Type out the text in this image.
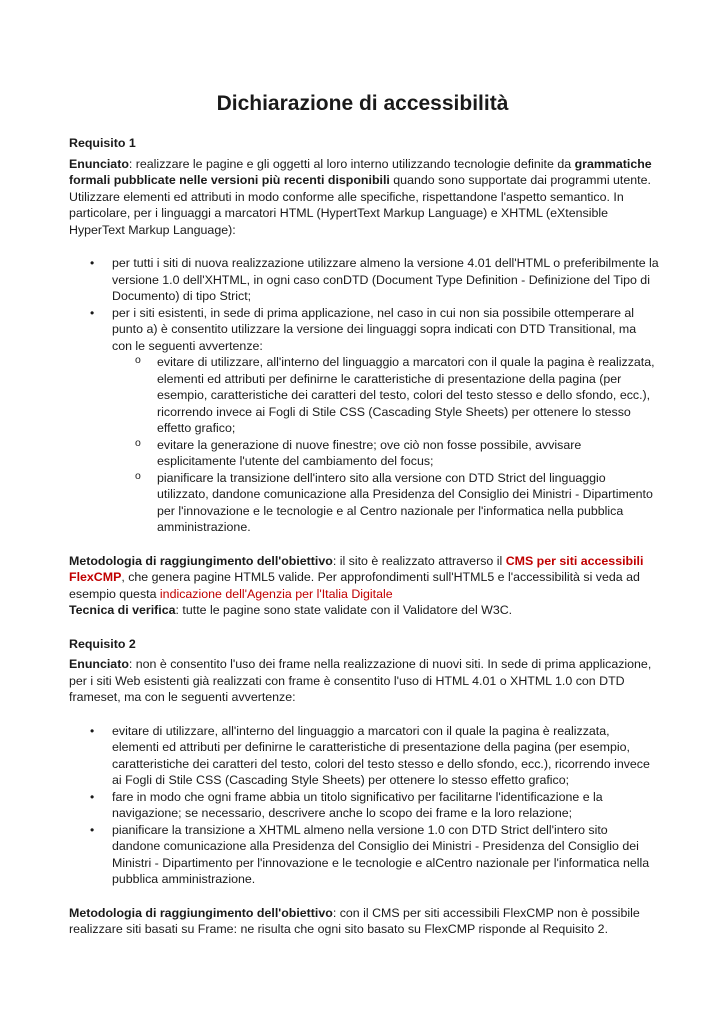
Dichiarazione di accessibilità

Requisito 1

Enunciato: realizzare le pagine e gli oggetti al loro interno utilizzando tecnologie definite da grammatiche formali pubblicate nelle versioni più recenti disponibili quando sono supportate dai programmi utente. Utilizzare elementi ed attributi in modo conforme alle specifiche, rispettandone l'aspetto semantico. In particolare, per i linguaggi a marcatori HTML (HypertText Markup Language) e XHTML (eXtensible HyperText Markup Language):

• per tutti i siti di nuova realizzazione utilizzare almeno la versione 4.01 dell'HTML o preferibilmente la versione 1.0 dell'XHTML, in ogni caso conDTD (Document Type Definition - Definizione del Tipo di Documento) di tipo Strict;
• per i siti esistenti, in sede di prima applicazione, nel caso in cui non sia possibile ottemperare al punto a) è consentito utilizzare la versione dei linguaggi sopra indicati con DTD Transitional, ma con le seguenti avvertenze:
o evitare di utilizzare, all'interno del linguaggio a marcatori con il quale la pagina è realizzata, elementi ed attributi per definirne le caratteristiche di presentazione della pagina (per esempio, caratteristiche dei caratteri del testo, colori del testo stesso e dello sfondo, ecc.), ricorrendo invece ai Fogli di Stile CSS (Cascading Style Sheets) per ottenere lo stesso effetto grafico;
o evitare la generazione di nuove finestre; ove ciò non fosse possibile, avvisare esplicitamente l'utente del cambiamento del focus;
o pianificare la transizione dell'intero sito alla versione con DTD Strict del linguaggio utilizzato, dandone comunicazione alla Presidenza del Consiglio dei Ministri - Dipartimento per l'innovazione e le tecnologie e al Centro nazionale per l'informatica nella pubblica amministrazione.

Metodologia di raggiungimento dell'obiettivo: il sito è realizzato attraverso il CMS per siti accessibili FlexCMP, che genera pagine HTML5 valide. Per approfondimenti sull'HTML5 e l'accessibilità si veda ad esempio questa indicazione dell'Agenzia per l'Italia Digitale

Tecnica di verifica: tutte le pagine sono state validate con il Validatore del W3C.

Requisito 2

Enunciato: non è consentito l'uso dei frame nella realizzazione di nuovi siti. In sede di prima applicazione, per i siti Web esistenti già realizzati con frame è consentito l'uso di HTML 4.01 o XHTML 1.0 con DTD frameset, ma con le seguenti avvertenze:

• evitare di utilizzare, all'interno del linguaggio a marcatori con il quale la pagina è realizzata, elementi ed attributi per definirne le caratteristiche di presentazione della pagina (per esempio, caratteristiche dei caratteri del testo, colori del testo stesso e dello sfondo, ecc.), ricorrendo invece ai Fogli di Stile CSS (Cascading Style Sheets) per ottenere lo stesso effetto grafico;
• fare in modo che ogni frame abbia un titolo significativo per facilitarne l'identificazione e la navigazione; se necessario, descrivere anche lo scopo dei frame e la loro relazione;
• pianificare la transizione a XHTML almeno nella versione 1.0 con DTD Strict dell'intero sito dandone comunicazione alla Presidenza del Consiglio dei Ministri - Presidenza del Consiglio dei Ministri - Dipartimento per l'innovazione e le tecnologie e alCentro nazionale per l'informatica nella pubblica amministrazione.

Metodologia di raggiungimento dell'obiettivo: con il CMS per siti accessibili FlexCMP non è possibile realizzare siti basati su Frame: ne risulta che ogni sito basato su FlexCMP risponde al Requisito 2.
